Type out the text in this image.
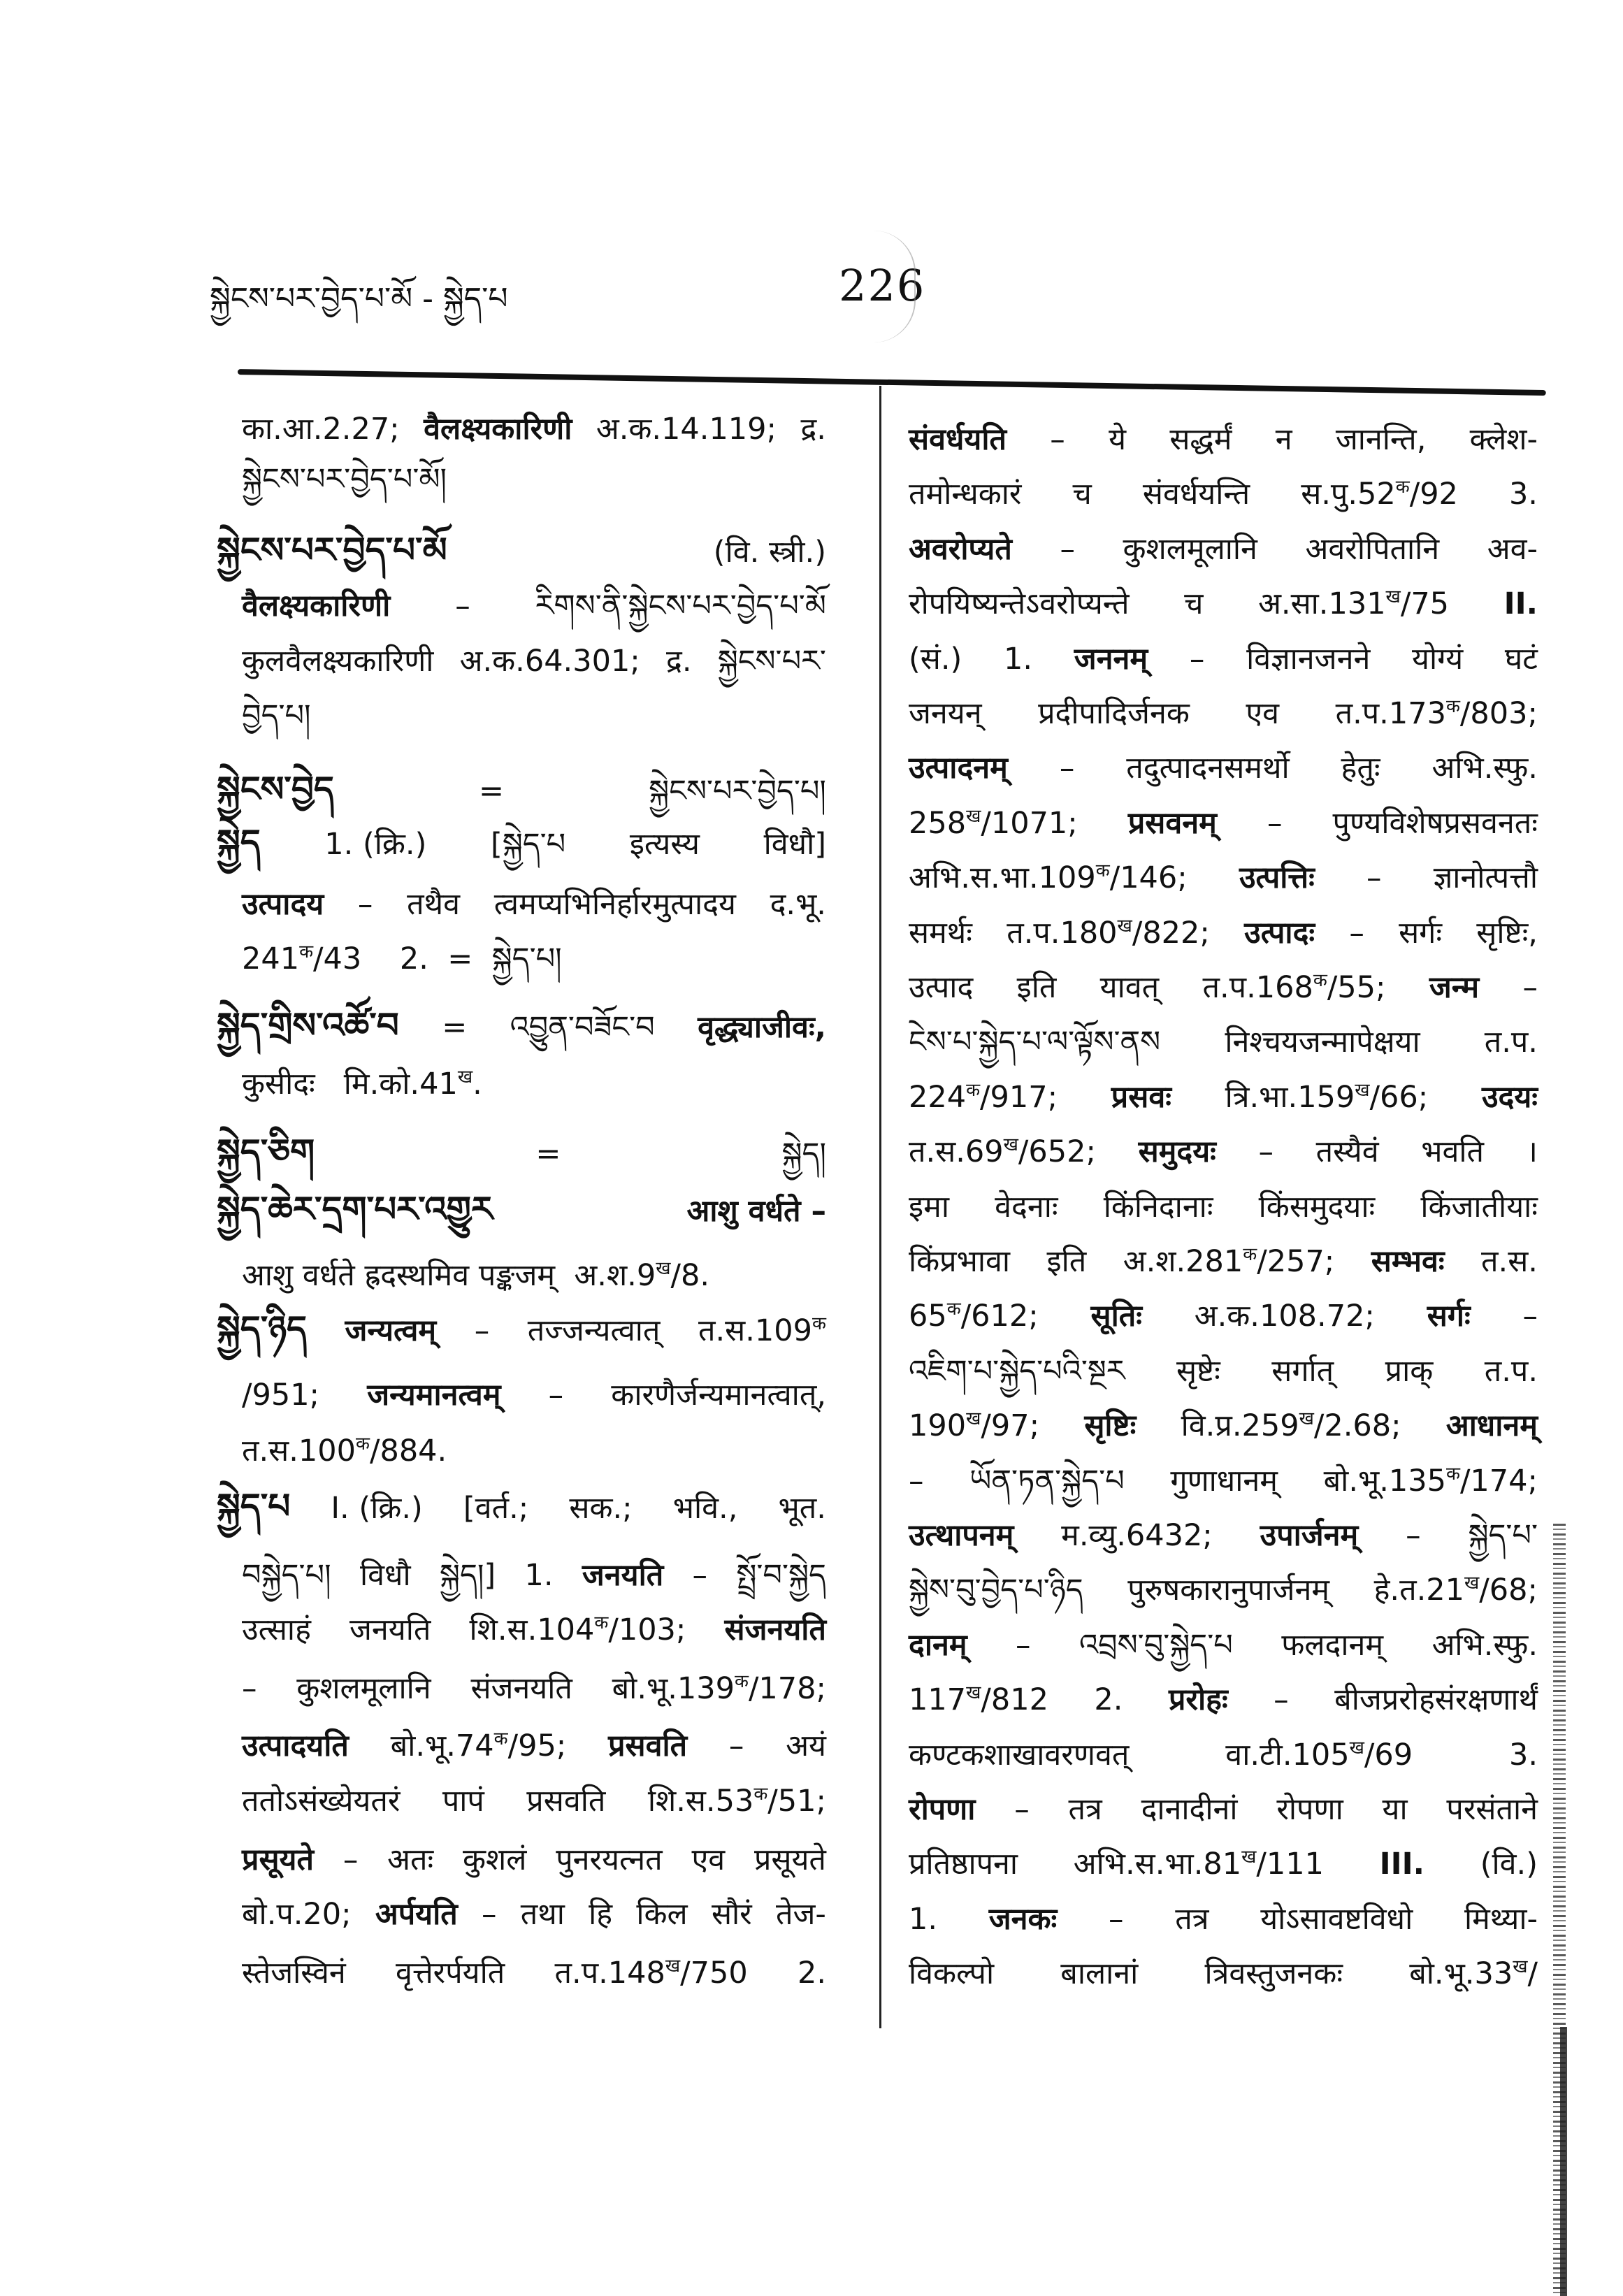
སྐྱེངས་པར་བྱེད་པ་མོ - སྐྱེད་པ	226
का.आ.2.27; वैलक्ष्यकारिणी अ.क.14.119; द्र.
སྐྱེངས་པར་བྱེད་པ་མོ།
སྐྱེངས་པར་བྱེད་པ་མོ	(वि. स्त्री.)
वैलक्ष्यकारिणी – རིགས་ནི་སྐྱེངས་པར་བྱེད་པ་མོ
कुलवैलक्ष्यकारिणी अ.क.64.301; द्र. སྐྱེངས་པར་
བྱེད་པ།
སྐྱེངས་བྱེད	=	སྐྱེངས་པར་བྱེད་པ།
སྐྱེད 1. (क्रि.) [སྐྱེད་པ इत्यस्य विधौ]
उत्पादय – तथैव त्वमप्यभिनिर्हारमुत्पादय द.भू.
$241^क/43$    2.  =  སྐྱེད་པ།
སྐྱེད་གྲིས་འཚོ་བ = འབྱུན་བཟོང་བ वृद्ध्याजीवः,
कुसीदः   $मि.को.41^ख$.
སྐྱེད་ཅིག	=	སྐྱེད།
སྐྱེད་ཆེར་དྲག་པར་འགྱུར	आशु वर्धते –
आशु वर्धते ह्रदस्थमिव पङ्कजम्  $अ.श.9^ख/8$.
སྐྱེད་ཉིད जन्यत्वम् – तज्जन्यत्वात् $त.स.109^क$
/951; जन्यमानत्वम् – कारणैर्जन्यमानत्वात्,
$त.स.100^क/884$.
སྐྱེད་པ I. (क्रि.) [वर्त.; सक.; भवि., भूत.
བསྐྱེད་པ། विधौ སྐྱེད།] 1. जनयति – སྤྲོ་བ་སྐྱེད
उत्साहं जनयति $शि.स.104^क/103$; संजनयति
– कुशलमूलानि संजनयति $बो.भू.139^क/178$;
उत्पादयति $बो.भू.74^क/95$; प्रसवति – अयं
ततोऽसंख्येयतरं पापं प्रसवति $शि.स.53^क/51$;
प्रसूयते – अतः कुशलं पुनरयत्नत एव प्रसूयते
बो.प.20; अर्पयति – तथा हि किल सौरं तेज-
स्तेजस्विनं वृत्तेरर्पयति $त.प.148^ख/750$ 2.
संवर्धयति – ये सद्धर्मं न जानन्ति, क्लेश-
तमोन्धकारं च संवर्धयन्ति $स.पु.52^क/92$ 3.
अवरोप्यते – कुशलमूलानि अवरोपितानि अव-
रोपयिष्यन्तेऽवरोप्यन्ते च $अ.सा.131^ख/75$ II.
(सं.) 1. जननम् – विज्ञानजनने योग्यं घटं
जनयन् प्रदीपादिर्जनक एव $त.प.173^क/803$;
उत्पादनम् – तदुत्पादनसमर्थो हेतुः अभि.स्फु.
$258^ख/1071$; प्रसवनम् – पुण्यविशेषप्रसवनतः
$अभि.स.भा.109^क/146$; उत्पत्तिः – ज्ञानोत्पत्तौ
समर्थः $त.प.180^ख/822$; उत्पादः – सर्गः सृष्टिः,
उत्पाद इति यावत् $त.प.168^क/55$; जन्म –
ངེས་པ་སྐྱེད་པ་ལ་ལྟོས་ནས निश्चयजन्मापेक्षया त.प.
$224^क/917$; प्रसवः $त्रि.भा.159^ख/66$; उदयः
$त.स.69^ख/652$; समुदयः – तस्यैवं भवति ।
इमा वेदनाः किंनिदानाः किंसमुदयाः किंजातीयाः
किंप्रभावा इति $अ.श.281^क/257$; सम्भवः त.स.
$65^क/612$; सूतिः अ.क.108.72; सर्गः –
འཇིག་པ་སྐྱེད་པའི་སྔར सृष्टेः सर्गात् प्राक् त.प.
$190^ख/97$; सृष्टिः $वि.प्र.259^ख/2.68$; आधानम्
– ཡོན་ཏན་སྐྱེད་པ गुणाधानम् $बो.भू.135^क/174$;
उत्थापनम् म.व्यु.6432; उपार्जनम् – སྐྱེད་པ་
སྐྱེས་བུ་བྱེད་པ་ཉིད पुरुषकारानुपार्जनम् $हे.त.21^ख/68$;
दानम् – འབྲས་བུ་སྐྱེད་པ फलदानम् अभि.स्फु.
$117^ख/812$ 2. प्ररोहः – बीजप्ररोहसंरक्षणार्थं
कण्टकशाखावरणवत्	$वा.टी.105^ख/69$	3.
रोपणा – तत्र दानादीनां रोपणा या परसंताने
प्रतिष्ठापना $अभि.स.भा.81^ख/111$ III. (वि.)
1. जनकः – तत्र योऽसावष्टविधो मिथ्या-
विकल्पो बालानां त्रिवस्तुजनकः $बो.भू.33^ख/$
